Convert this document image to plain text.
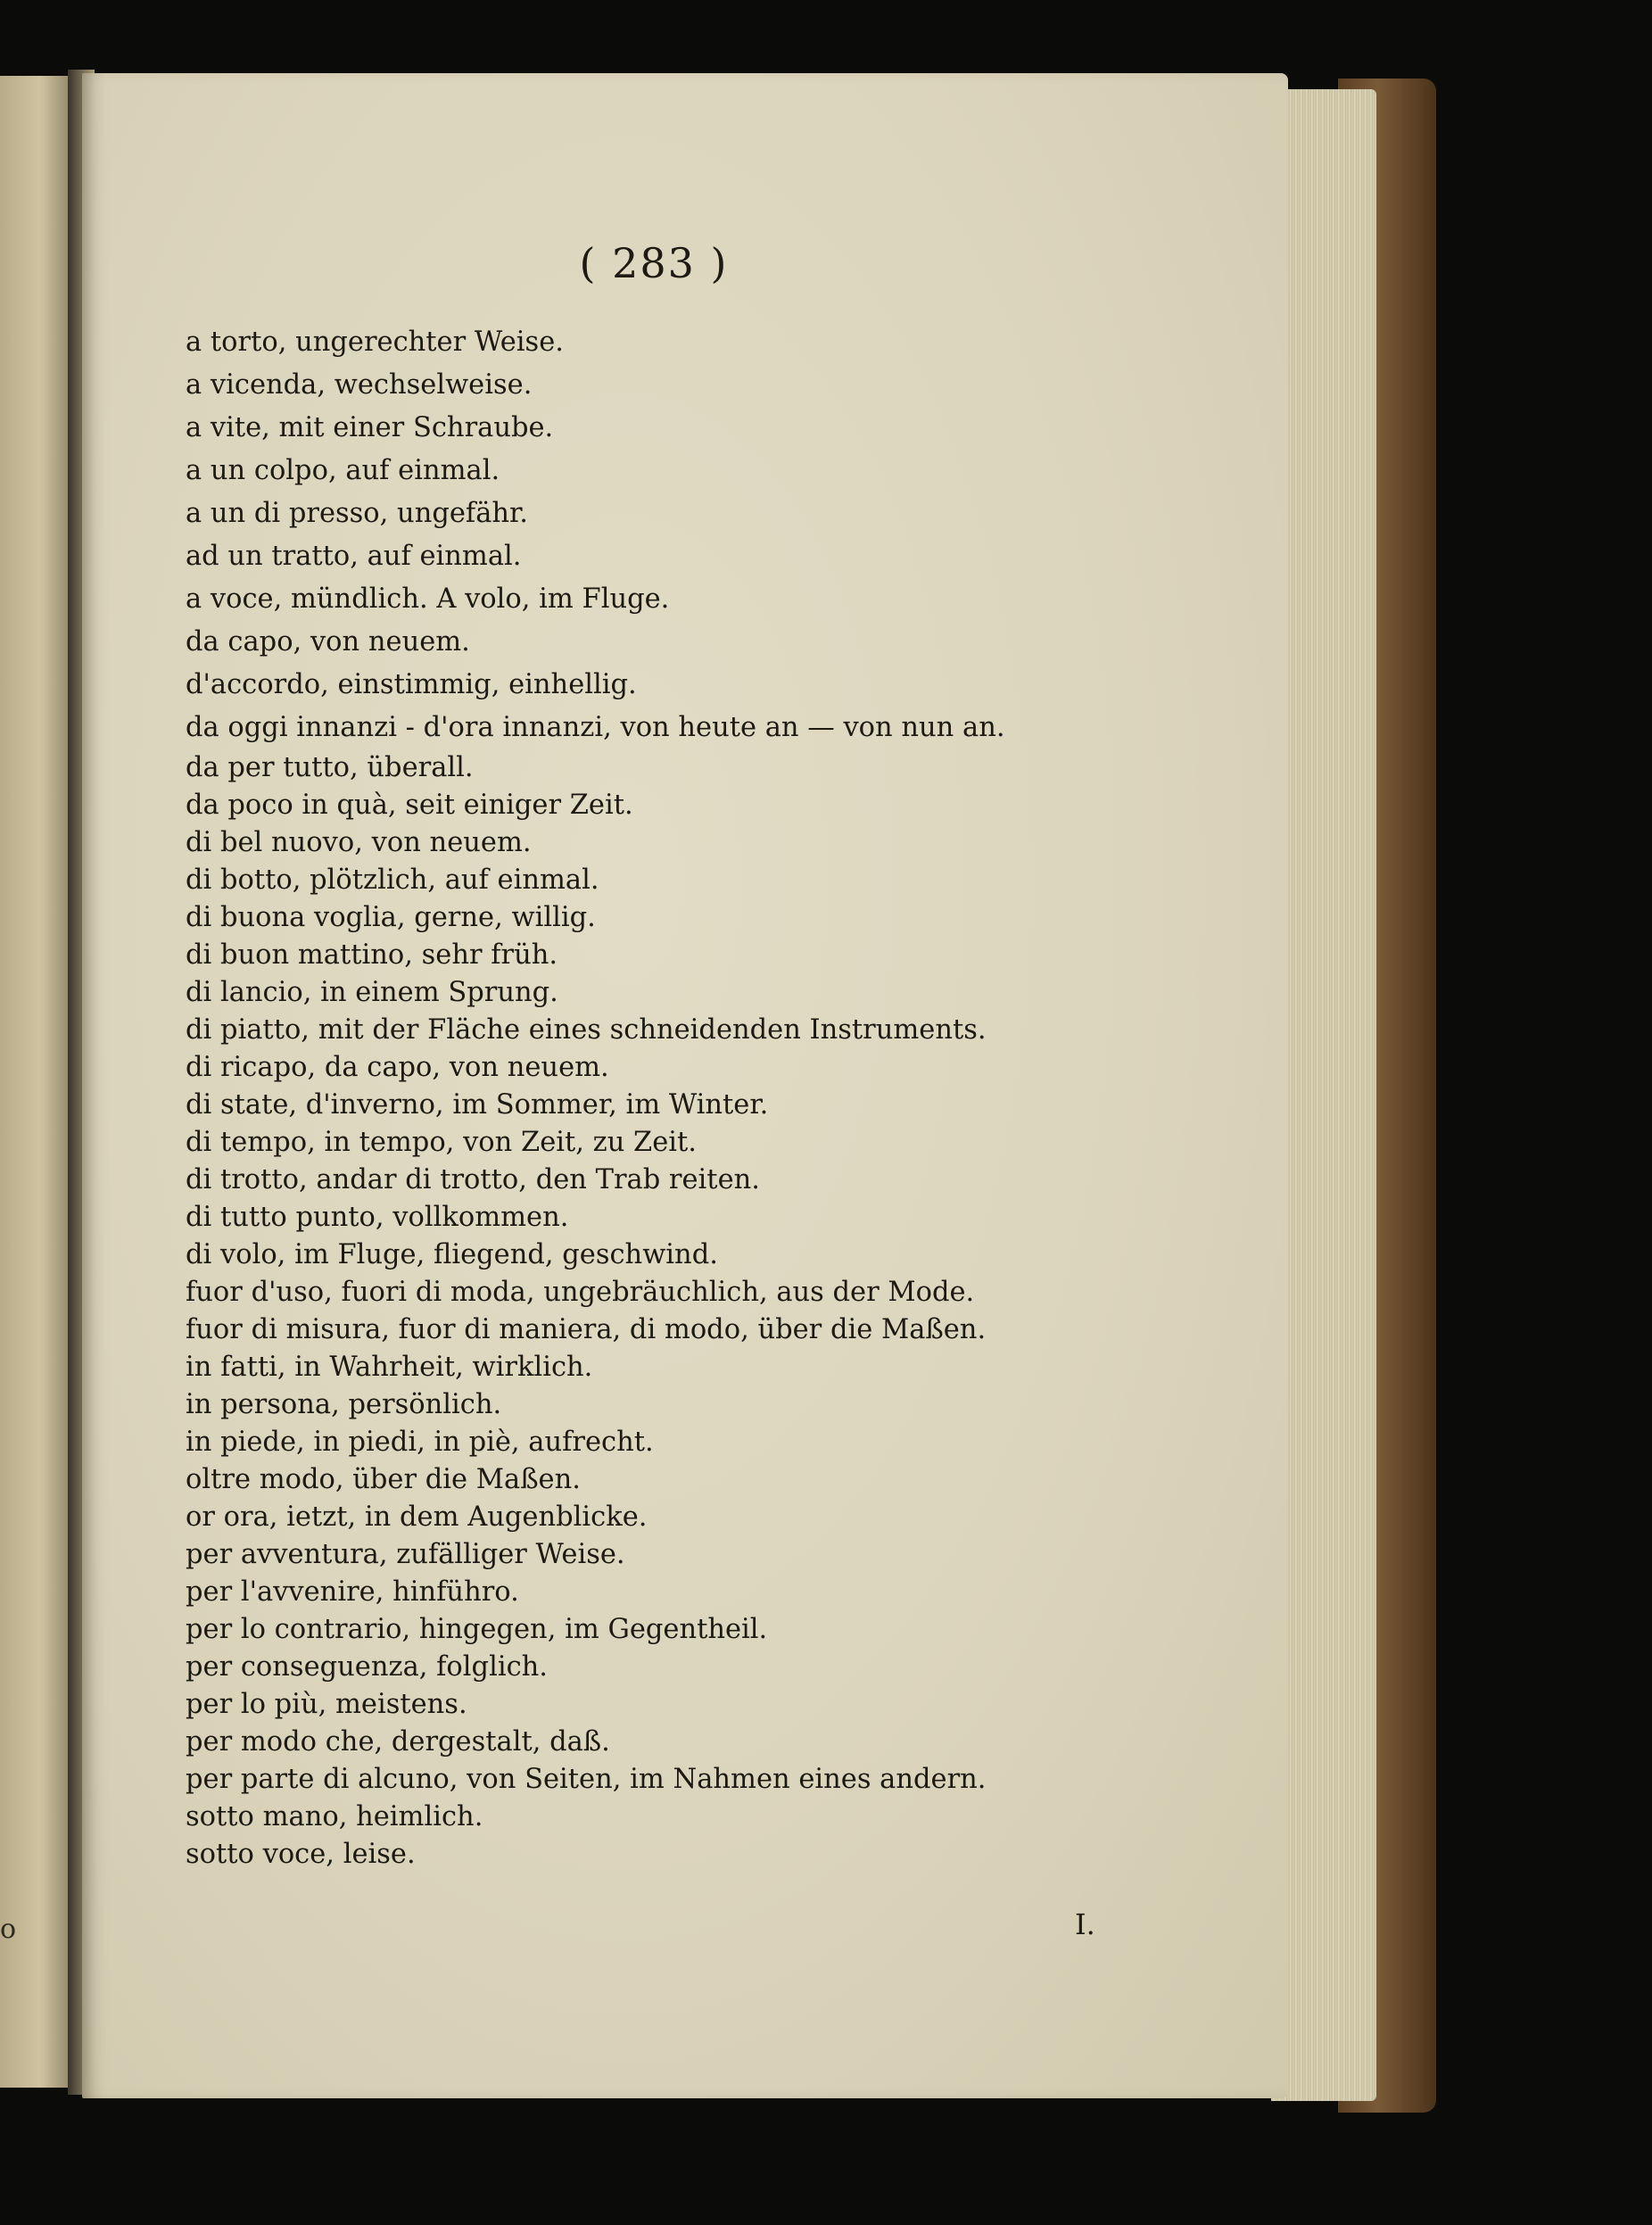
o
( 283 )
a torto, ungerechter Weise.
a vicenda, wechselweise.
a vite, mit einer Schraube.
a un colpo, auf einmal.
a un di presso, ungefähr.
ad un tratto, auf einmal.
a voce, mündlich. A volo, im Fluge.
da capo, von neuem.
d'accordo, einstimmig, einhellig.
da oggi innanzi - d'ora innanzi, von heute an — von nun an.
da per tutto, überall.
da poco in quà, seit einiger Zeit.
di bel nuovo, von neuem.
di botto, plötzlich, auf einmal.
di buona voglia, gerne, willig.
di buon mattino, sehr früh.
di lancio, in einem Sprung.
di piatto, mit der Fläche eines schneidenden Instruments.
di ricapo, da capo, von neuem.
di state, d'inverno, im Sommer, im Winter.
di tempo, in tempo, von Zeit, zu Zeit.
di trotto, andar di trotto, den Trab reiten.
di tutto punto, vollkommen.
di volo, im Fluge, fliegend, geschwind.
fuor d'uso, fuori di moda, ungebräuchlich, aus der Mode.
fuor di misura, fuor di maniera, di modo, über die Maßen.
in fatti, in Wahrheit, wirklich.
in persona, persönlich.
in piede, in piedi, in piè, aufrecht.
oltre modo, über die Maßen.
or ora, ietzt, in dem Augenblicke.
per avventura, zufälliger Weise.
per l'avvenire, hinführo.
per lo contrario, hingegen, im Gegentheil.
per conseguenza, folglich.
per lo più, meistens.
per modo che, dergestalt, daß.
per parte di alcuno, von Seiten, im Nahmen eines andern.
sotto mano, heimlich.
sotto voce, leise.
I.
